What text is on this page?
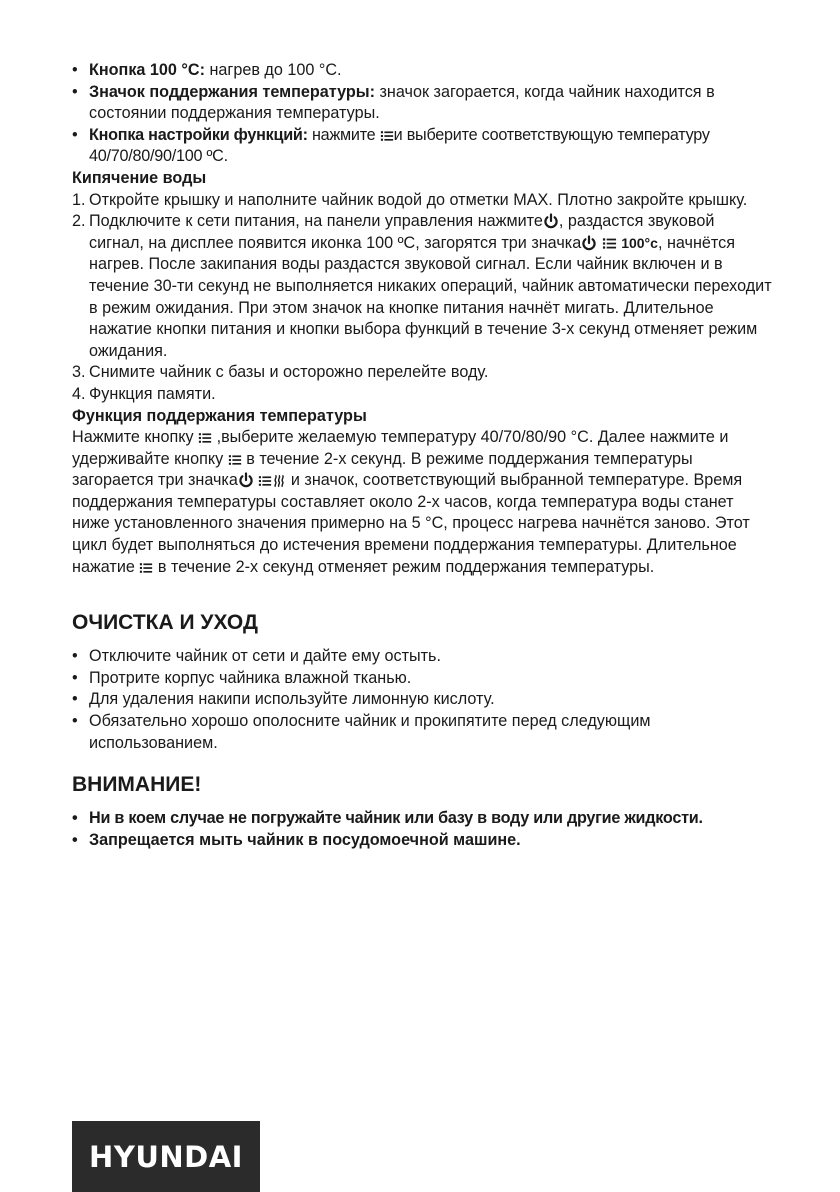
• Кнопка 100 °С: нагрев до 100 °С.
• Значок поддержания температуры: значок загорается, когда чайник находится в состоянии поддержания температуры.
• Кнопка настройки функций: нажмите
и выберите соответствующую температуру 40/70/80/90/100 ºС.

Кипячение воды

1. Откройте крышку и наполните чайник водой до отметки MAX. Плотно закройте крышку.
2. Подключите к сети питания, на панели управления нажмите , раздастся звуковой сигнал, на дисплее появится иконка 100 ºС, загорятся три значка
	100°c, начнётся нагрев. После закипания воды раздастся звуковой сигнал. Если чайник включен и в течение 30-ти секунд не выполняется никаких операций, чайник автоматически переходит в режим ожидания. При этом значок на кнопке питания начнёт мигать. Длительное нажатие кнопки питания и кнопки выбора функций в течение 3-х секунд отменяет режим ожидания.
3. Снимите чайник с базы и осторожно перелейте воду.
4. Функция памяти.

Функция поддержания температуры

Нажмите кнопку
,выберите желаемую температуру 40/70/80/90 °С. Далее нажмите и удерживайте кнопку
в течение 2-х секунд. В режиме поддержания температуры загорается три значка
	и значок, соответствующий выбранной температуре. Время поддержания температуры составляет около 2-х часов, когда температура воды станет ниже установленного значения примерно на 5 °С, процесс нагрева начнётся заново. Этот цикл будет выполняться до истечения времени поддержания температуры. Длительное нажатие
в течение 2-х секунд отменяет режим поддержания температуры.

ОЧИСТКА И УХОД
• Отключите чайник от сети и дайте ему остыть.
• Протрите корпус чайника влажной тканью.
• Для удаления накипи используйте лимонную кислоту.
• Обязательно хорошо ополосните чайник и прокипятите перед следующим использованием.
ВНИМАНИЕ!
• Ни в коем случае не погружайте чайник или базу в воду или другие жидкости.
• Запрещается мыть чайник в посудомоечной машине.
HYUNDAI
